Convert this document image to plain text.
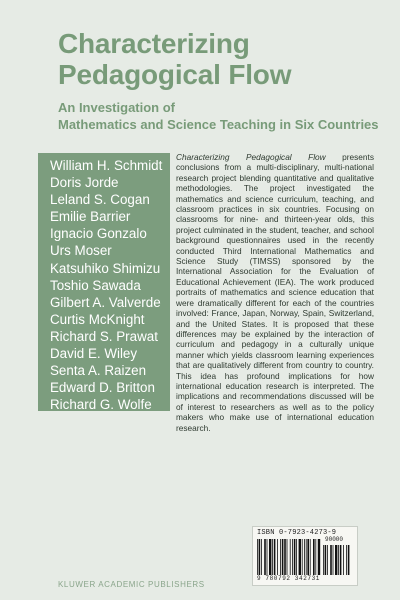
Characterizing Pedagogical Flow
An Investigation of
Mathematics and Science Teaching in Six Countries
William H. Schmidt
Doris Jorde
Leland S. Cogan
Emilie Barrier
Ignacio Gonzalo
Urs Moser
Katsuhiko Shimizu
Toshio Sawada
Gilbert A. Valverde
Curtis McKnight
Richard S. Prawat
David E. Wiley
Senta A. Raizen
Edward D. Britton
Richard G. Wolfe
Characterizing Pedagogical Flow presents conclusions from a multi-disciplinary, multi-national research project blending quantitative and qualitative methodologies. The project investigated the mathematics and science curriculum, teaching, and classroom practices in six countries. Focusing on classrooms for nine- and thirteen-year olds, this project culminated in the student, teacher, and school background questionnaires used in the recently conducted Third International Mathematics and Science Study (TIMSS) sponsored by the International Association for the Evaluation of Educational Achievement (IEA). The work produced portraits of mathematics and science education that were dramatically different for each of the countries involved: France, Japan, Norway, Spain, Switzerland, and the United States. It is proposed that these differences may be explained by the interaction of curriculum and pedagogy in a culturally unique manner which yields classroom learning experiences that are qualitatively different from country to country. This idea has profound implications for how international education research is interpreted. The implications and recommendations discussed will be of interest to researchers as well as to the policy makers who make use of international education research.
ISBN 0-7923-4273-9
90000
9 780792 342731
KLUWER ACADEMIC PUBLISHERS
